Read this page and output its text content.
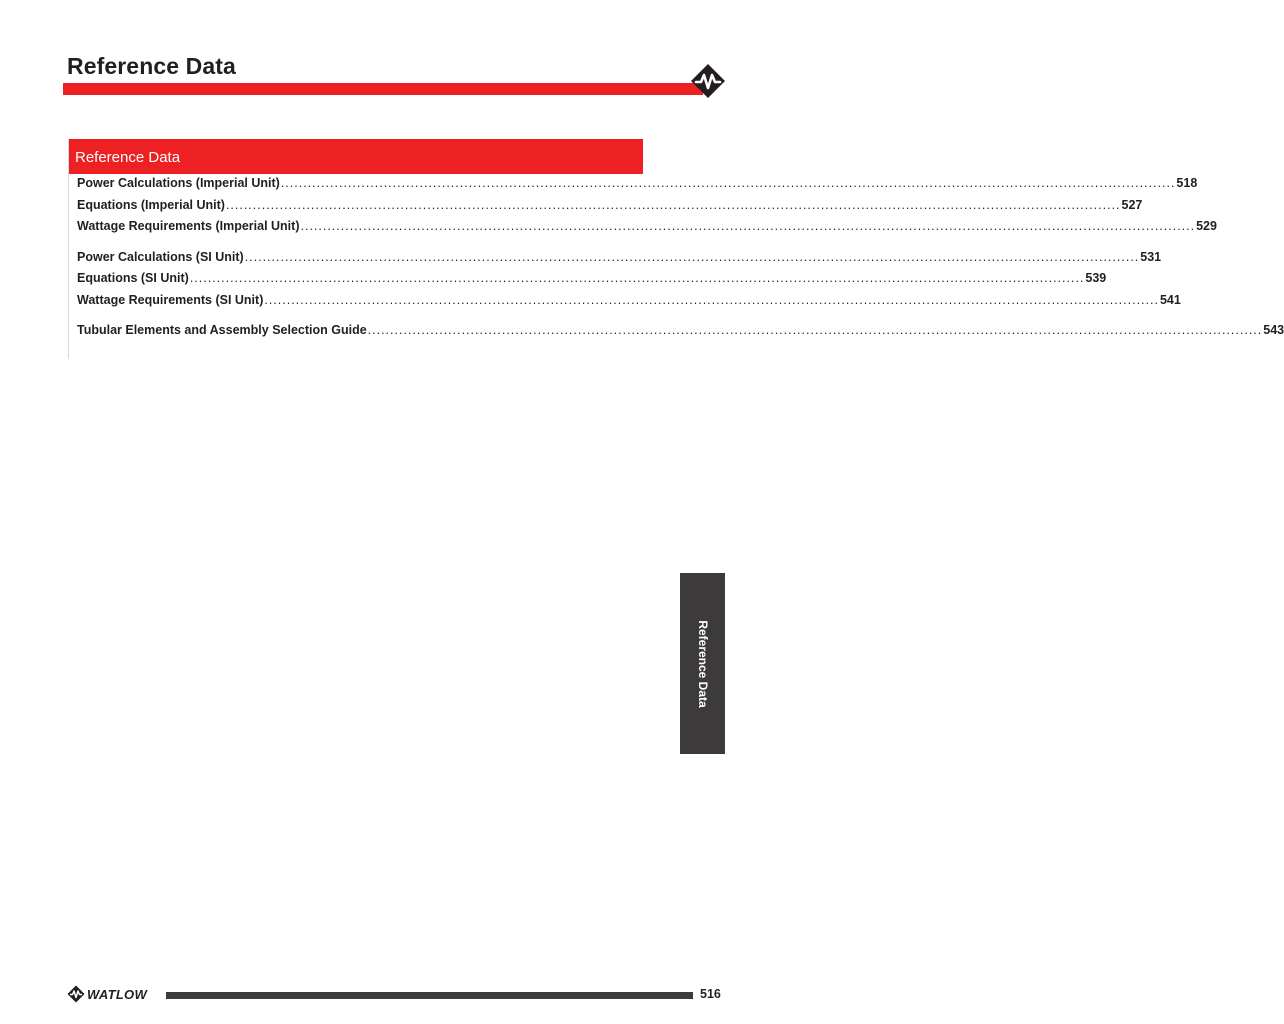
Reference Data
Reference Data
Power Calculations (Imperial Unit) ........................................................................................................................................................................................................ 518
Equations (Imperial Unit) ........................................................................................................................................................................................................ 527
Wattage Requirements (Imperial Unit) ........................................................................................................................................................................................................ 529
Power Calculations (SI Unit) ........................................................................................................................................................................................................ 531
Equations (SI Unit) ........................................................................................................................................................................................................ 539
Wattage Requirements (SI Unit) ........................................................................................................................................................................................................ 541
Tubular Elements and Assembly Selection Guide ........................................................................................................................................................................................................ 543
Reference Data
WATLOW	516
